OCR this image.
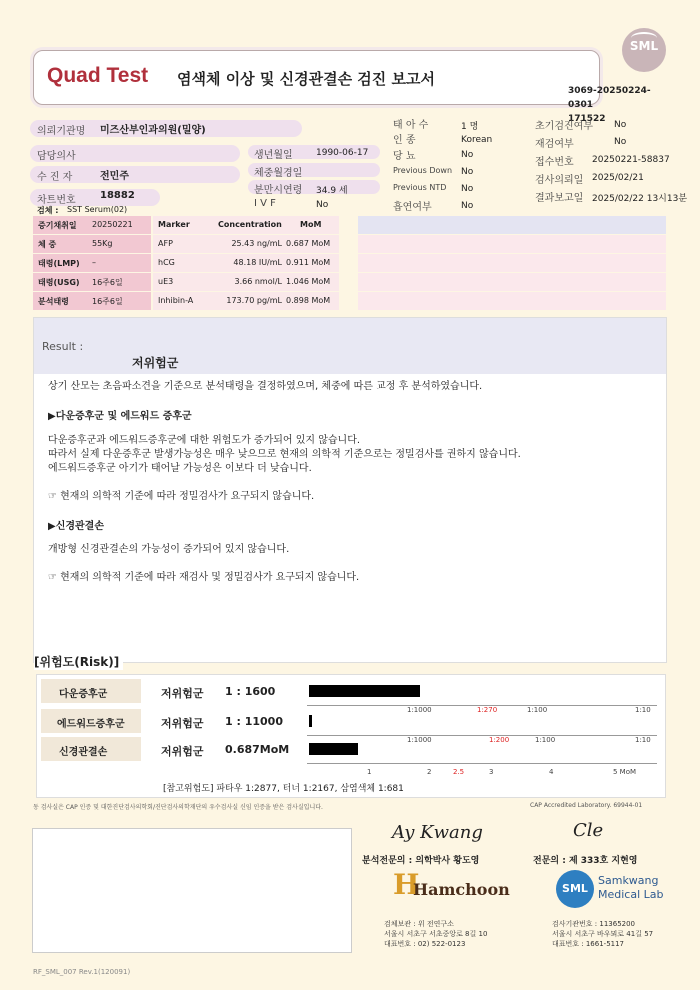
Quad Test 염색체 이상 및 신경관결손 검진 보고서
3069-20250224-0301
171522
SML
의뢰기관명 미즈산부인과의원(밀양)
담당의사
수 진 자	전민주
차트번호 18882
검체 : SST Serum(02)
생년월일	1990-06-17
체중월경일
분만시연령 34.9 세
I V F	No
태 아 수	1 명
인 종	Korean
당 뇨	No
Previous Down No
Previous NTD No
흡연여부	No
초기검진여부 No
재검여부	No
접수번호 20250221-58837
검사의뢰일 2025/02/21
결과보고일 2025/02/22 13시13분
증기채취일 20250221	Marker	Concentration MoM
체 중	55Kg	AFP	25.43 ng/mL 0.687 MoM
태령(LMP) –	hCG	48.18 IU/mL 0.911 MoM
태령(USG) 16주6일	uE3	3.66 nmol/L 1.046 MoM
분석태령	16주6일	Inhibin-A	173.70 pg/mL 0.898 MoM
Result :
저위험군
상기 산모는 초음파소견을 기준으로 분석태령을 결정하였으며, 체중에 따른 교정 후 분석하였습니다.
▶다운증후군 및 에드워드 증후군
다운증후군과 에드워드증후군에 대한 위험도가 증가되어 있지 않습니다.
따라서 실제 다운증후군 발생가능성은 매우 낮으므로 현재의 의학적 기준으로는 정밀검사를 권하지 않습니다.
에드워드증후군 아기가 태어날 가능성은 이보다 더 낮습니다.
☞ 현재의 의학적 기준에 따라 정밀검사가 요구되지 않습니다.
▶신경관결손
개방형 신경관결손의 가능성이 증가되어 있지 않습니다.
☞ 현재의 의학적 기준에 따라 재검사 및 정밀검사가 요구되지 않습니다.
[위험도(Risk)]
다운증후군	저위험군 1 : 1600
에드워드증후군	저위험군 1 : 11000
신경관결손	저위험군 0.687MoM
1:1000	1:270	1:100	1:10
1:1000	1:200	1:100	1:10
1	2	2.5	3	4	5 MoM
[참고위험도] 파타우 1:2877, 터너 1:2167, 삼염색체 1:681
동 검사실은 CAP 인증 및 대한진단검사의학회/진단검사의학재단의 우수검사실 신임 인증을 받은 검사실입니다.	CAP Accredited Laboratory. 69944-01
Ay Kwang	Cle
분석전문의 : 의학박사 황도영	전문의 : 제 333호 지현영
H
Hamchoon	SML
Samkwang
Medical Lab
검체보관 : 위 전연구소
서울시 서초구 서초중앙로 8길 10
대표번호 : 02) 522-0123
검사기관번호 : 11365200
서울시 서초구 바우뫼로 41길 57
대표번호 : 1661-5117
RF_SML_007 Rev.1(120091)
